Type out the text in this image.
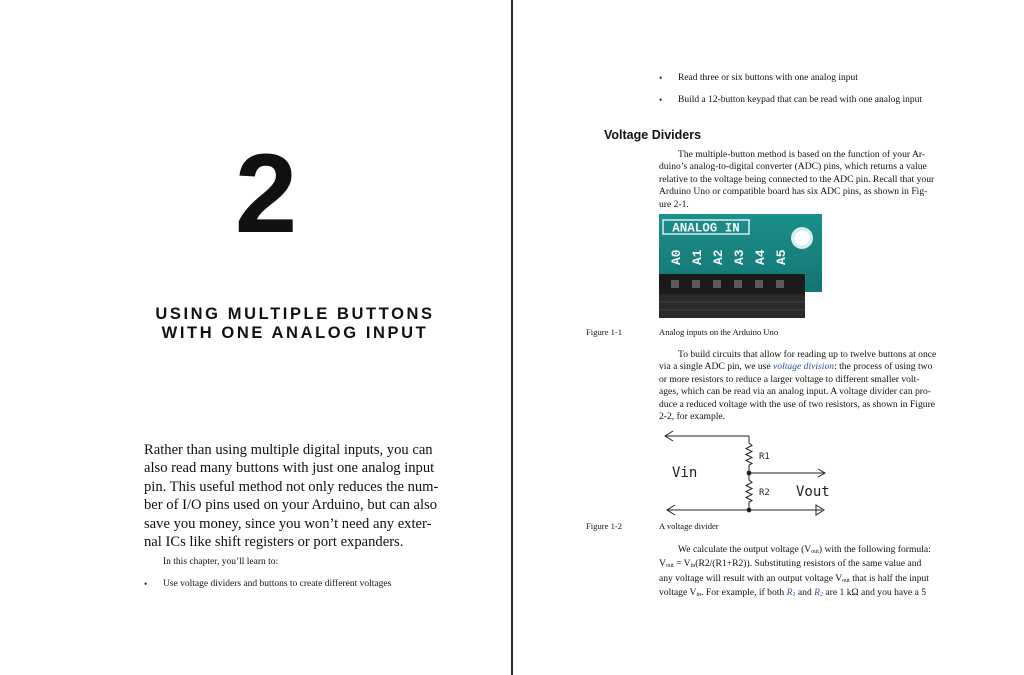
2
USING MULTIPLE BUTTONS
WITH ONE ANALOG INPUT
Rather than using multiple digital inputs, you can
also read many buttons with just one analog input
pin. This useful method not only reduces the num-
ber of I/O pins used on your Arduino, but can also
save you money, since you won’t need any exter-
nal ICs like shift registers or port expanders.
In this chapter, you’ll learn to:
• Use voltage dividers and buttons to create different voltages
• Read three or six buttons with one analog input
• Build a 12-button keypad that can be read with one analog input
Voltage Dividers
The multiple-button method is based on the function of your Ar-
duino’s analog-to-digital converter (ADC) pins, which returns a value
relative to the voltage being connected to the ADC pin. Recall that your
Arduino Uno or compatible board has six ADC pins, as shown in Fig-
ure 2-1.
ANALOG IN
A0 A1 A2 A3 A4 A5
Figure 1-1	Analog inputs on the Arduino Uno
To build circuits that allow for reading up to twelve buttons at once
via a single ADC pin, we use voltage division: the process of using two
or more resistors to reduce a larger voltage to different smaller volt-
ages, which can be read via an analog input. A voltage divider can pro-
duce a reduced voltage with the use of two resistors, as shown in Figure
2-2, for example.
R1
R2
Vin
Vout
Figure 1-2	A voltage divider
We calculate the output voltage $(V_{out})$ with the following formula:
$V_{out} = V_{in}(R2/(R1+R2))$. Substituting resistors of the same value and
any voltage will result with an output voltage $V_{out}$ that is half the input
voltage $V_{in}$. For example, if both $R_1$ and $R_2$ are 1 kΩ and you have a 5
